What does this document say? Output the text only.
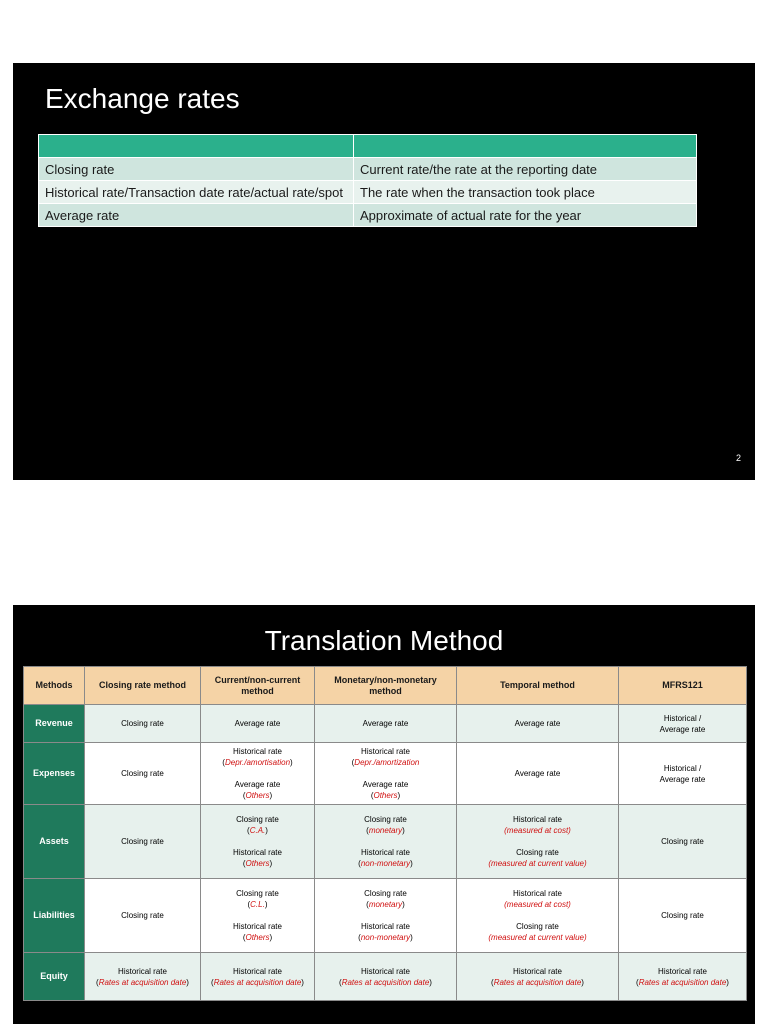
Exchange rates

Closing rate	Current rate/the rate at the reporting date
Historical rate/Transaction date rate/actual rate/spot	The rate when the transaction took place
Average rate	Approximate of actual rate for the year
2
Translation Method
Methods	Closing rate method	Current/non-current method	Monetary/non-monetary method	Temporal method	MFRS121
Revenue	Closing rate	Average rate	Average rate	Average rate	Historical /
Average rate

Expenses	Closing rate	Historical rate
(Depr./amortisation)
Average rate
(Others)	Historical rate
(Depr./amortization
Average rate
(Others)	Average rate	Historical /
Average rate

Assets	Closing rate	Closing rate
(C.A.)
Historical rate
(Others)	Closing rate
(monetary)
Historical rate
(non-monetary)	Historical rate
(measured at cost)
Closing rate
(measured at current value)	Closing rate
Liabilities	Closing rate	Closing rate
(C.L.)
Historical rate
(Others)	Closing rate
(monetary)
Historical rate
(non-monetary)	Historical rate
(measured at cost)
Closing rate
(measured at current value)	Closing rate
Equity	Historical rate
(Rates at acquisition date)	Historical rate
(Rates at acquisition date)	Historical rate
(Rates at acquisition date)	Historical rate
(Rates at acquisition date)	Historical rate
(Rates at acquisition date)
